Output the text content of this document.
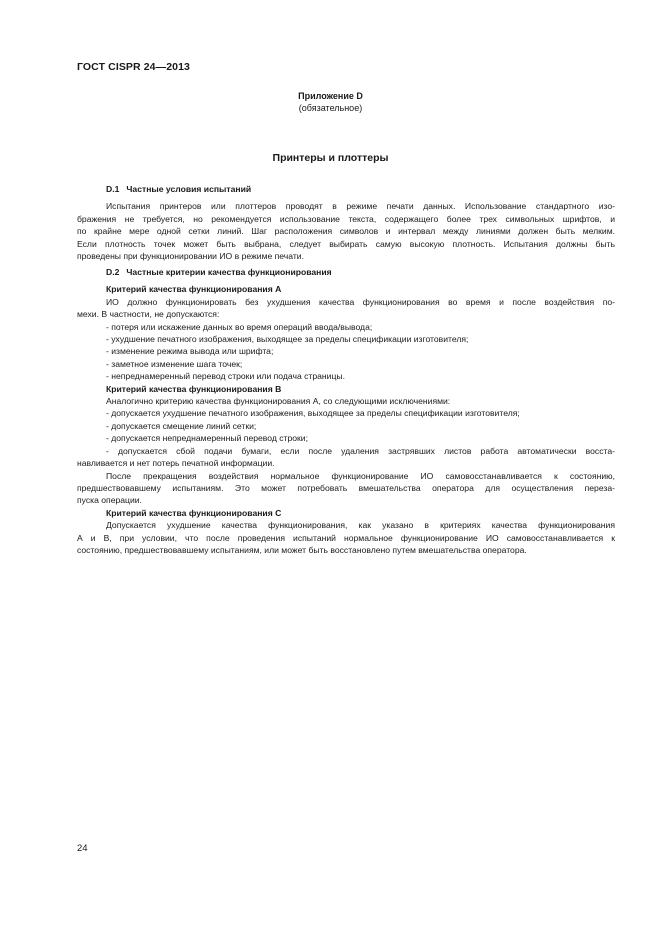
ГОСТ CISPR 24—2013
Приложение D
(обязательное)
Принтеры и плоттеры
D.1 Частные условия испытаний
Испытания принтеров или плоттеров проводят в режиме печати данных. Использование стандартного изо-
бражения не требуется, но рекомендуется использование текста, содержащего более трех символьных шрифтов, и
по крайне мере одной сетки линий. Шаг расположения символов и интервал между линиями должен быть мелким.
Если плотность точек может быть выбрана, следует выбирать самую высокую плотность. Испытания должны быть
проведены при функционировании ИО в режиме печати.
D.2 Частные критерии качества функционирования
Критерий качества функционирования А
ИО должно функционировать без ухудшения качества функционирования во время и после воздействия по-
мехи. В частности, не допускаются:
- потеря или искажение данных во время операций ввода/вывода;
- ухудшение печатного изображения, выходящее за пределы спецификации изготовителя;
- изменение режима вывода или шрифта;
- заметное изменение шага точек;
- непреднамеренный перевод строки или подача страницы.
Критерий качества функционирования В
Аналогично критерию качества функционирования А, со следующими исключениями:
- допускается ухудшение печатного изображения, выходящее за пределы спецификации изготовителя;
- допускается смещение линий сетки;
- допускается непреднамеренный перевод строки;
- допускается сбой подачи бумаги, если после удаления застрявших листов работа автоматически восста-
навливается и нет потерь печатной информации.
После прекращения воздействия нормальное функционирование ИО самовосстанавливается к состоянию,
предшествовавшему испытаниям. Это может потребовать вмешательства оператора для осуществления переза-
пуска операции.
Критерий качества функционирования С
Допускается ухудшение качества функционирования, как указано в критериях качества функционирования
А и В, при условии, что после проведения испытаний нормальное функционирование ИО самовосстанавливается к
состоянию, предшествовавшему испытаниям, или может быть восстановлено путем вмешательства оператора.
24
